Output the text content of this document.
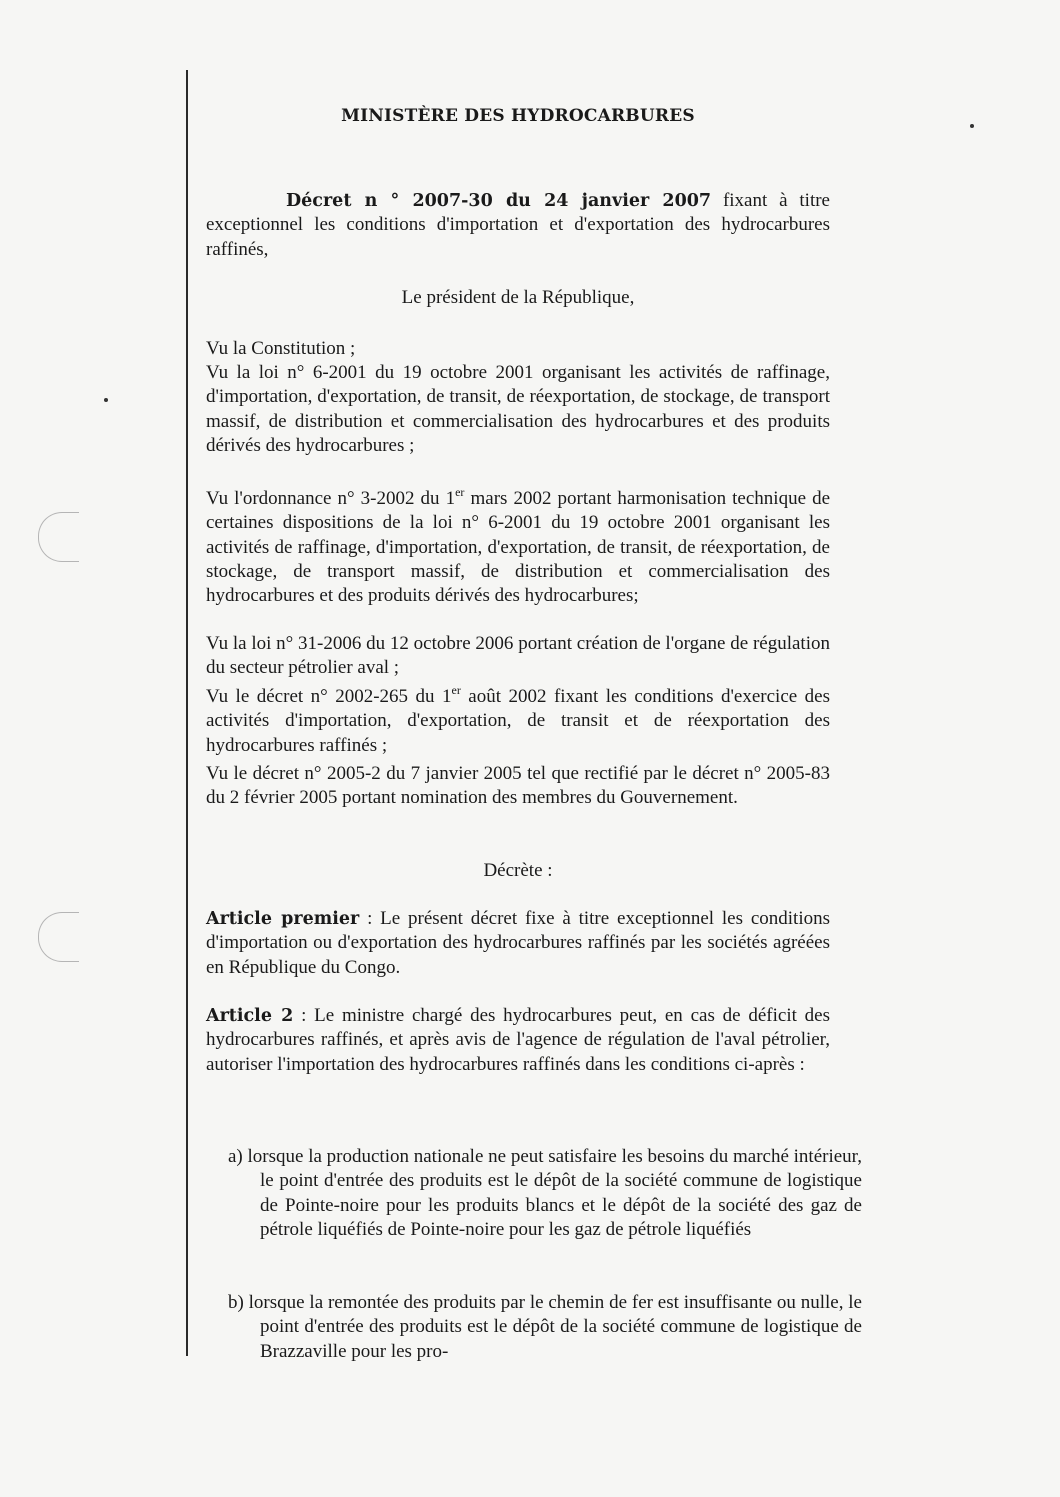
MINISTÈRE DES HYDROCARBURES

Décret n ° 2007-30 du 24 janvier 2007 fixant à titre exceptionnel les conditions d'importation et d'exportation des hydrocarbures raffinés,

Le président de la République,

Vu la Constitution ;

Vu la loi n° 6-2001 du 19 octobre 2001 organisant les activités de raffinage, d'importation, d'exportation, de transit, de réexportation, de stockage, de transport massif, de distribution et commercialisation des hydrocarbures et des produits dérivés des hydrocarbures ;

Vu l'ordonnance n° 3-2002 du 1er mars 2002 portant harmonisation technique de certaines dispositions de la loi n° 6-2001 du 19 octobre 2001 organisant les activités de raffinage, d'importation, d'exportation, de transit, de réexportation, de stockage, de transport massif, de distribution et commercialisation des hydrocarbures et des produits dérivés des hydrocarbures;

Vu la loi n° 31-2006 du 12 octobre 2006 portant création de l'organe de régulation du secteur pétrolier aval ;

Vu le décret n° 2002-265 du 1er août 2002 fixant les conditions d'exercice des activités d'importation, d'exportation, de transit et de réexportation des hydrocarbures raffinés ;

Vu le décret n° 2005-2 du 7 janvier 2005 tel que rectifié par le décret n° 2005-83 du 2 février 2005 portant nomination des membres du Gouvernement.

Décrète :

Article premier : Le présent décret fixe à titre exceptionnel les conditions d'importation ou d'exportation des hydrocarbures raffinés par les sociétés agréées en République du Congo.

Article 2 : Le ministre chargé des hydrocarbures peut, en cas de déficit des hydrocarbures raffinés, et après avis de l'agence de régulation de l'aval pétrolier, autoriser l'importation des hydrocarbures raffinés dans les conditions ci-après :

a) lorsque la production nationale ne peut satisfaire les besoins du marché intérieur, le point d'entrée des produits est le dépôt de la société commune de logistique de Pointe-noire pour les produits blancs et le dépôt de la société des gaz de pétrole liquéfiés de Pointe-noire pour les gaz de pétrole liquéfiés

b) lorsque la remontée des produits par le chemin de fer est insuffisante ou nulle, le point d'entrée des produits est le dépôt de la société commune de logistique de Brazzaville pour les pro-
